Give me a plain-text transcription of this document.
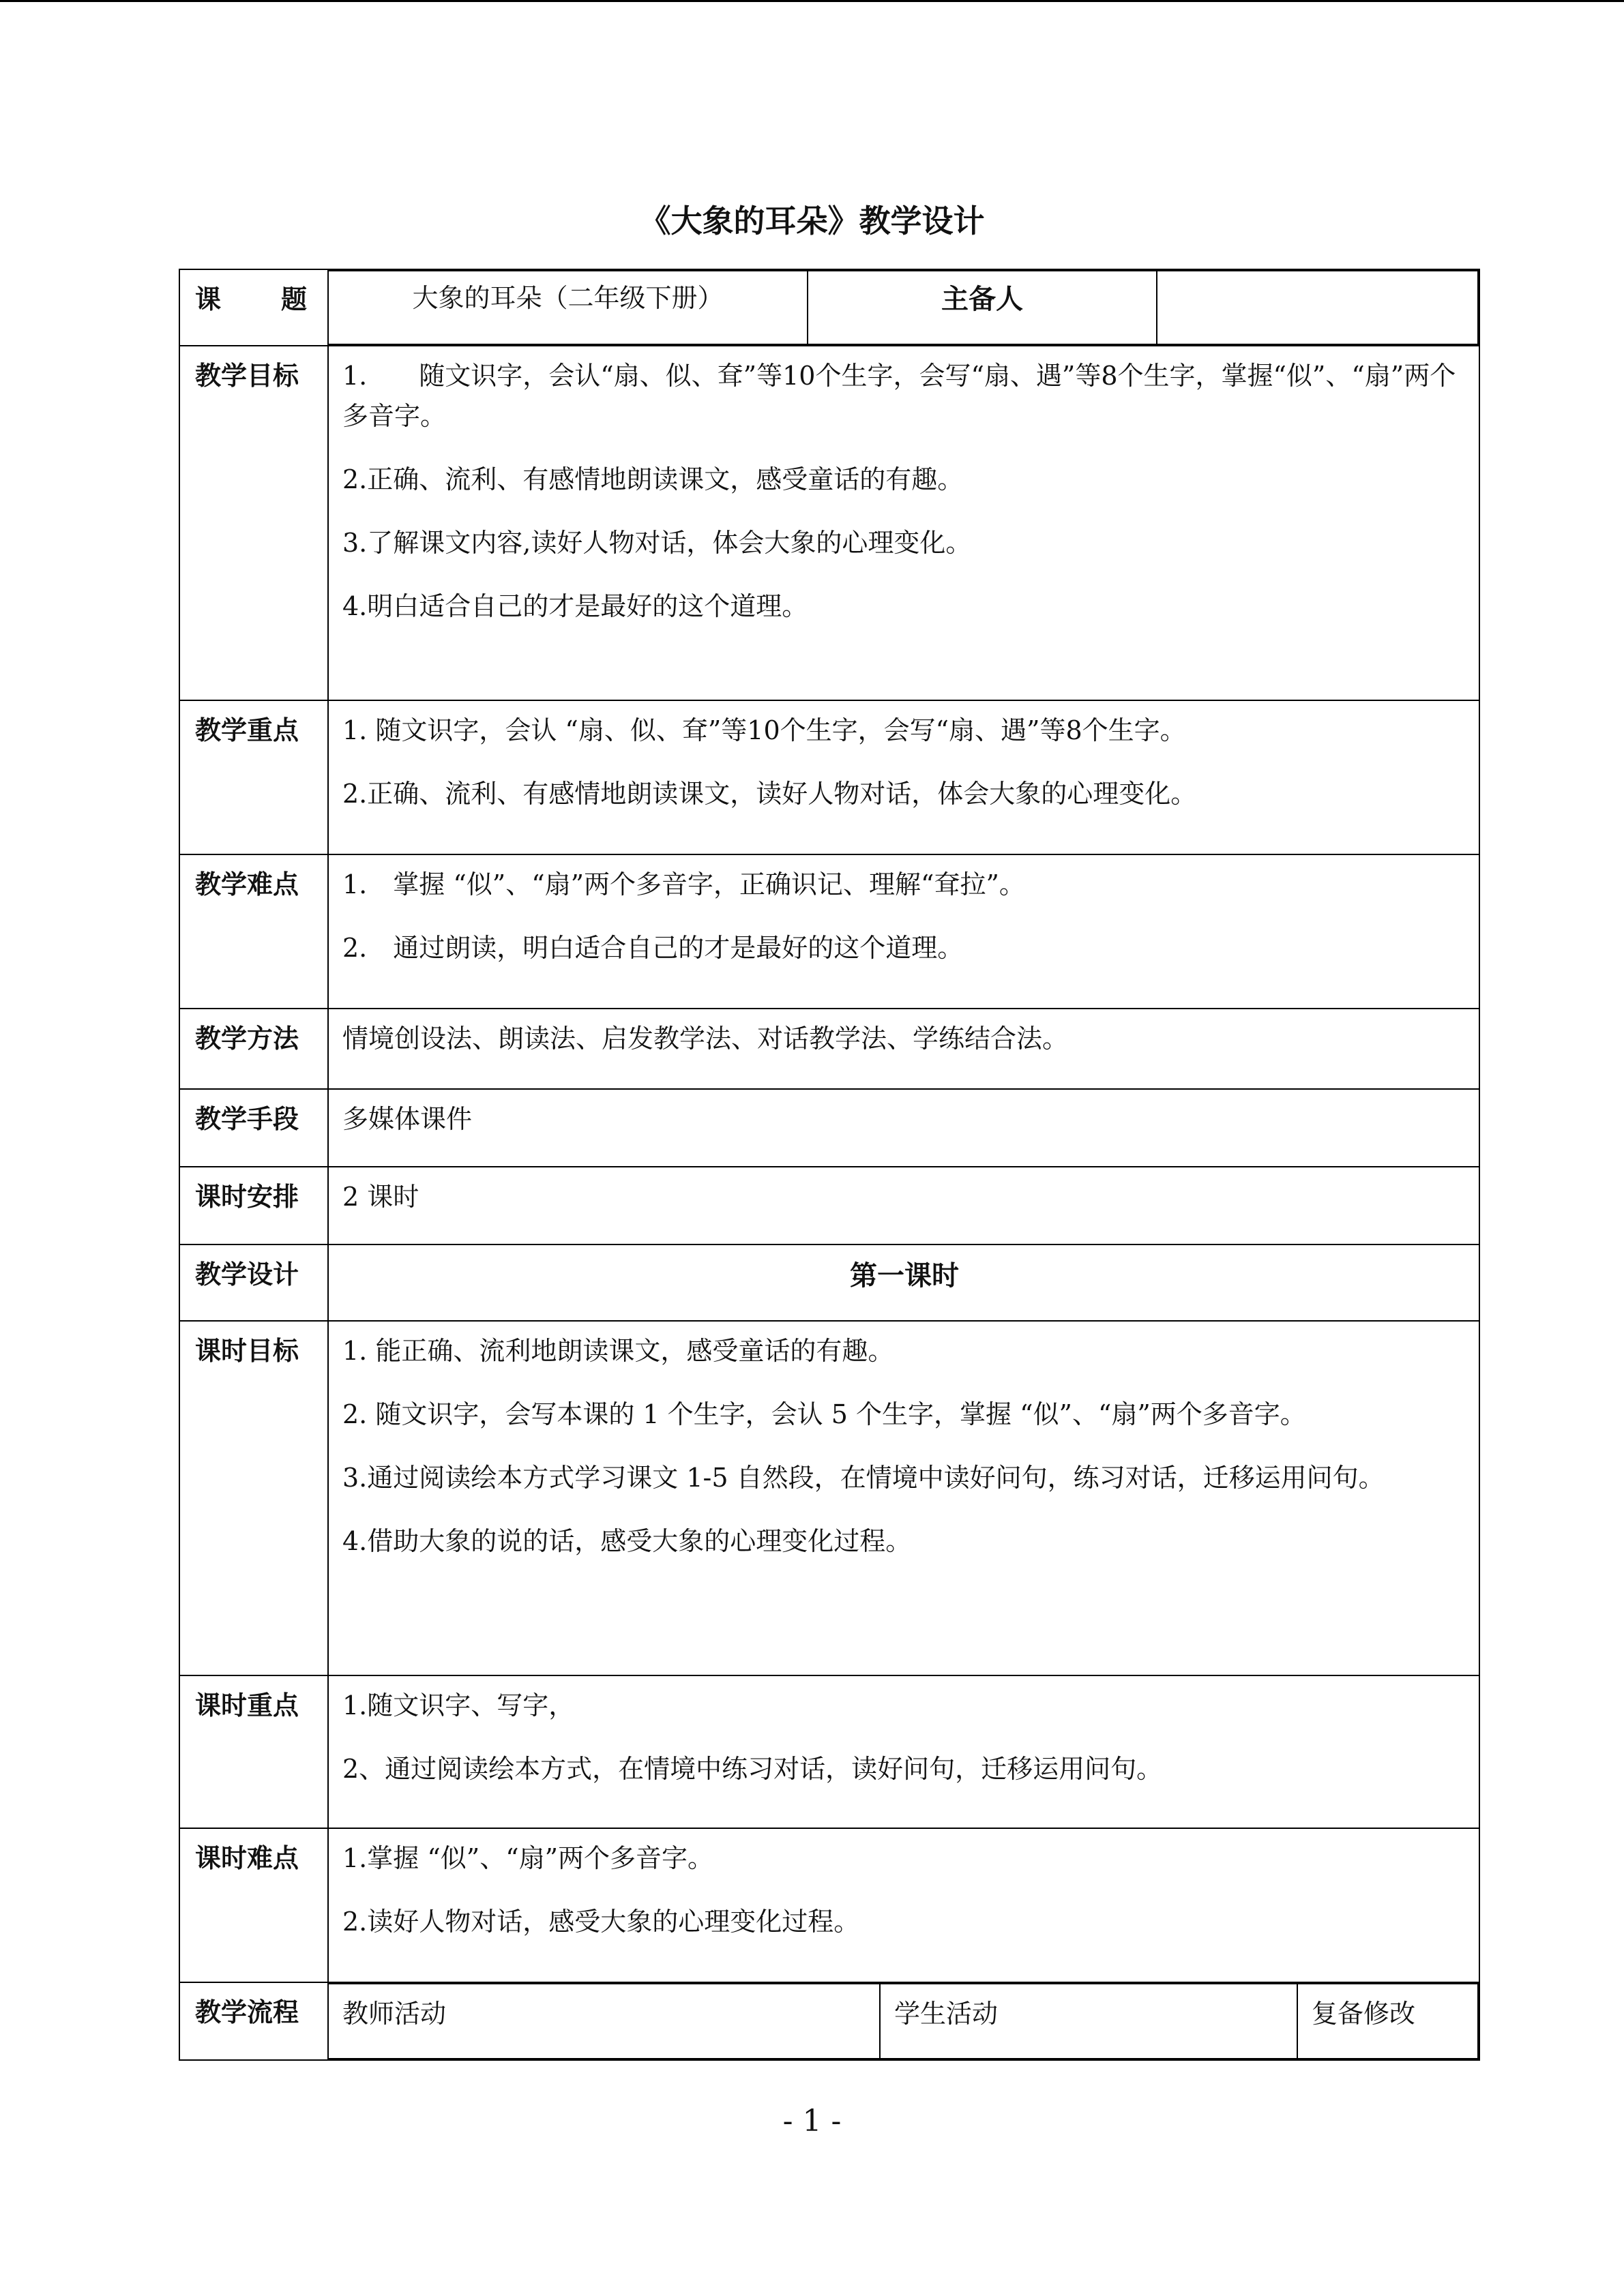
《大象的耳朵》教学设计
课 题		大象的耳朵（二年级下册）	主备人	

教学目标	1.　　随文识字，会认“扇、似、耷”等10个生字，会写“扇、遇”等8个生字，掌握“似”、“扇”两个多音字。
2.正确、流利、有感情地朗读课文，感受童话的有趣。
3.了解课文内容,读好人物对话，体会大象的心理变化。
4.明白适合自己的才是最好的这个道理。

教学重点	1. 随文识字，会认 “扇、似、耷”等10个生字，会写“扇、遇”等8个生字。
2.正确、流利、有感情地朗读课文，读好人物对话，体会大象的心理变化。

教学难点	1.　掌握 “似”、“扇”两个多音字，正确识记、理解“耷拉”。
2.　通过朗读，明白适合自己的才是最好的这个道理。

教学方法	情境创设法、朗读法、启发教学法、对话教学法、学练结合法。
教学手段	多媒体课件
课时安排	2 课时
教学设计	第一课时
课时目标	1. 能正确、流利地朗读课文，感受童话的有趣。
2. 随文识字，会写本课的 1 个生字，会认 5 个生字，掌握 “似”、“扇”两个多音字。
3.通过阅读绘本方式学习课文 1-5 自然段，在情境中读好问句，练习对话，迁移运用问句。
4.借助大象的说的话，感受大象的心理变化过程。

课时重点	1.随文识字、写字，
2、通过阅读绘本方式，在情境中练习对话，读好问句，迁移运用问句。

课时难点	1.掌握 “似”、“扇”两个多音字。
2.读好人物对话，感受大象的心理变化过程。

教学流程	教师活动	学生活动	复备修改
- 1 -
